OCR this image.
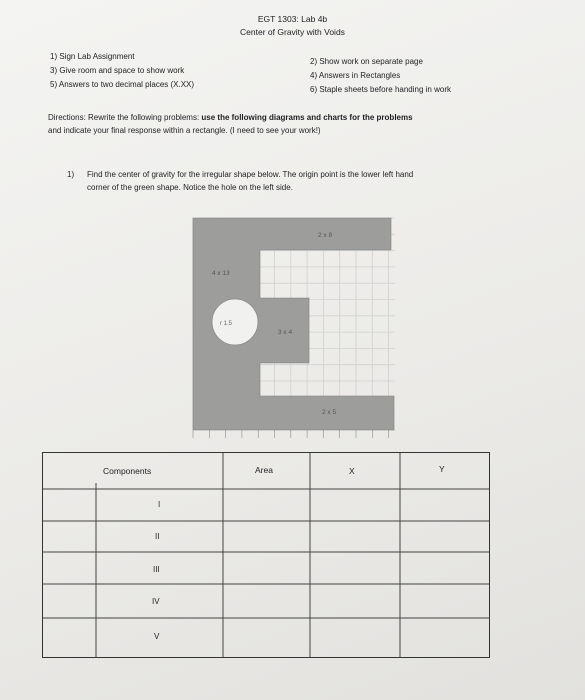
EGT 1303: Lab 4b
Center of Gravity with Voids
1) Sign Lab Assignment
3) Give room and space to show work
5) Answers to two decimal places (X.XX)
2) Show work on separate page
4) Answers in Rectangles
6) Staple sheets before handing in work
Directions: Rewrite the following problems: use the following diagrams and charts for the problems
and indicate your final response within a rectangle. (I need to see your work!)
1) Find the center of gravity for the irregular shape below. The origin point is the lower left hand
corner of the green shape. Notice the hole on the left side.
2 x 8
4 x 13
r 1.5
3 x 4
2 x 5
Components	Area	X	Y
I
II
III
IV
V
